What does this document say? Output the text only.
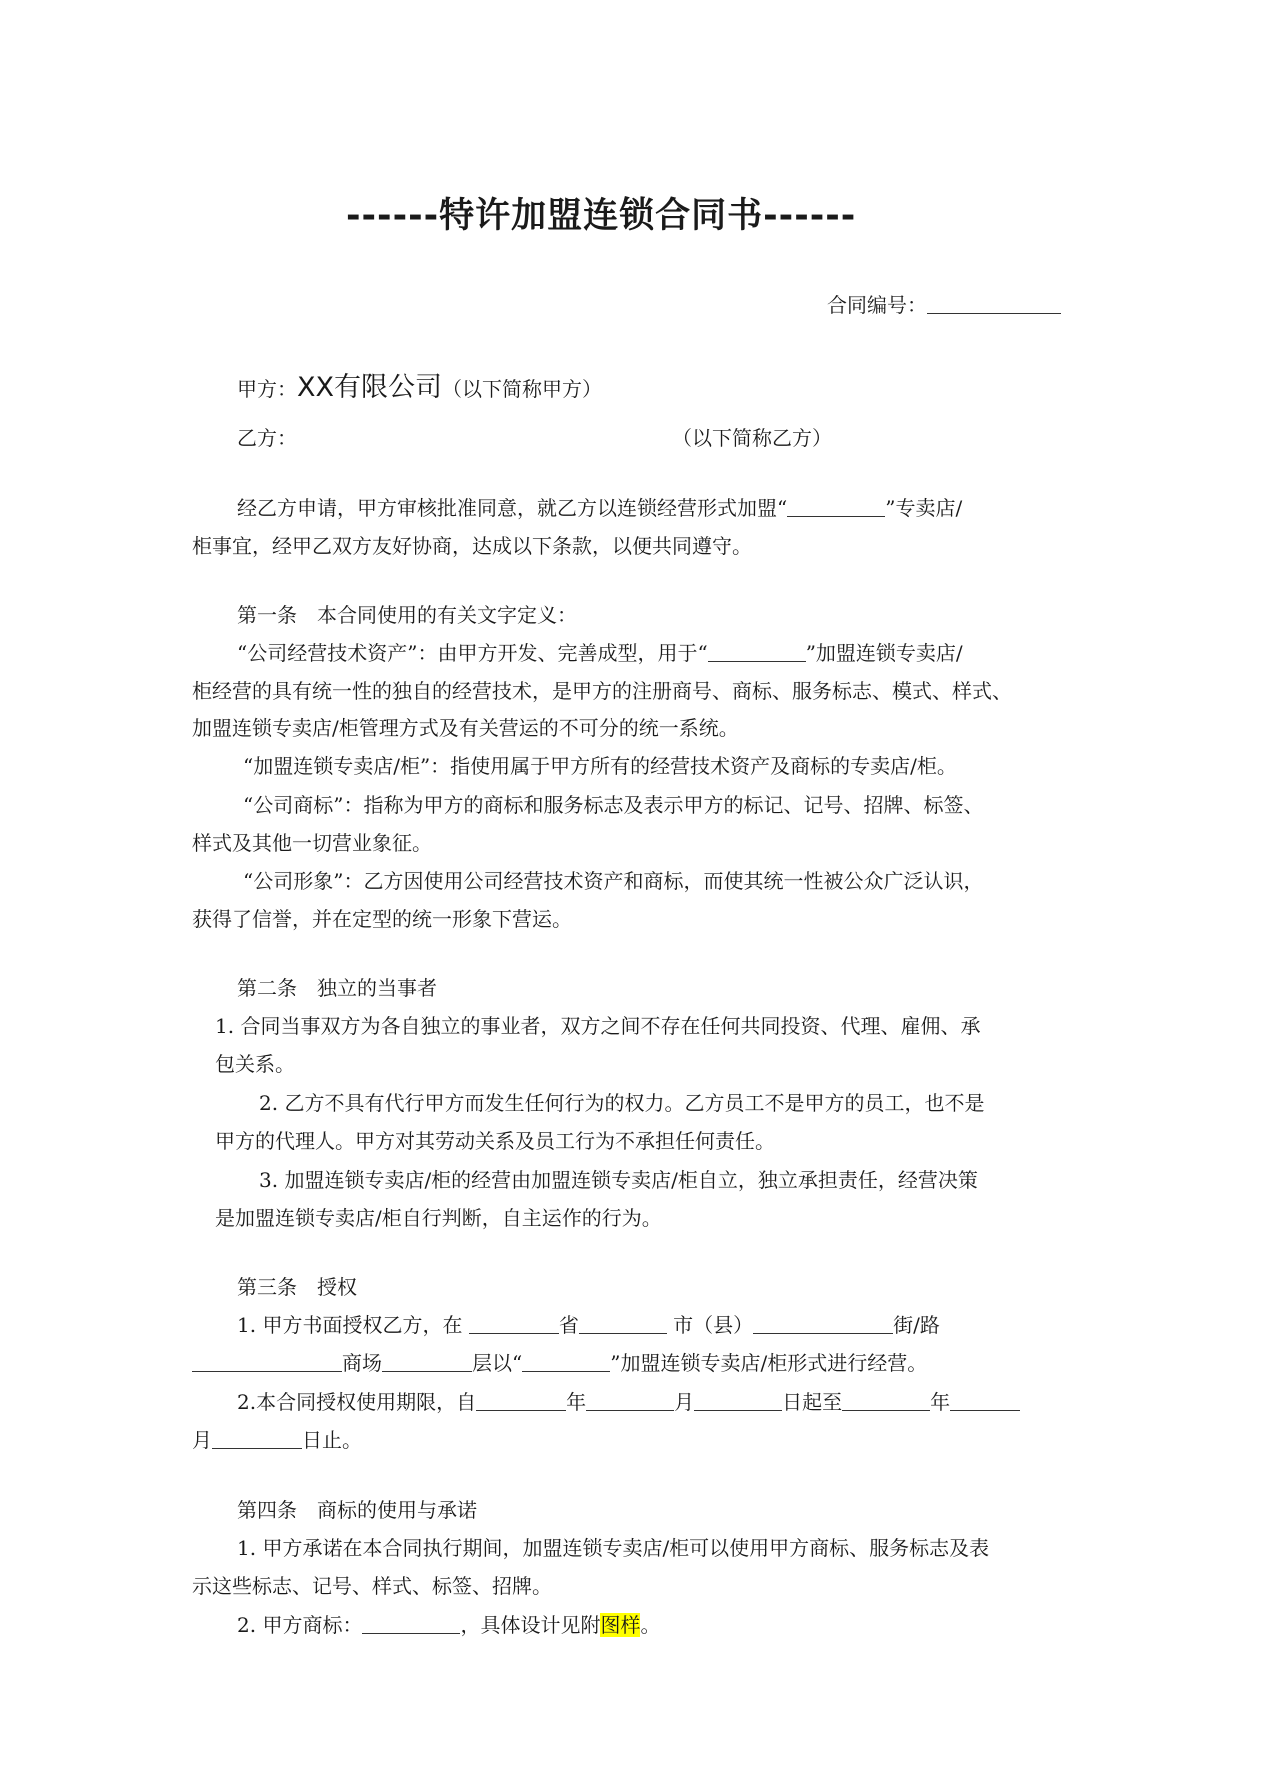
------特许加盟连锁合同书------
合同编号：
甲方：XX有限公司（以下简称甲方）
乙方：	（以下简称乙方）
经乙方申请，甲方审核批准同意，就乙方以连锁经营形式加盟“	”专卖店/
柜事宜，经甲乙双方友好协商，达成以下条款，以便共同遵守。
第一条　本合同使用的有关文字定义：
“公司经营技术资产”：由甲方开发、完善成型，用于“	”加盟连锁专卖店/
柜经营的具有统一性的独自的经营技术，是甲方的注册商号、商标、服务标志、模式、样式、
加盟连锁专卖店/柜管理方式及有关营运的不可分的统一系统。
“加盟连锁专卖店/柜”：指使用属于甲方所有的经营技术资产及商标的专卖店/柜。
“公司商标”：指称为甲方的商标和服务标志及表示甲方的标记、记号、招牌、标签、
样式及其他一切营业象征。
“公司形象”：乙方因使用公司经营技术资产和商标，而使其统一性被公众广泛认识，
获得了信誉，并在定型的统一形象下营运。
第二条　独立的当事者
1. 合同当事双方为各自独立的事业者，双方之间不存在任何共同投资、代理、雇佣、承
包关系。
2. 乙方不具有代行甲方而发生任何行为的权力。乙方员工不是甲方的员工，也不是
甲方的代理人。甲方对其劳动关系及员工行为不承担任何责任。
3. 加盟连锁专卖店/柜的经营由加盟连锁专卖店/柜自立，独立承担责任，经营决策
是加盟连锁专卖店/柜自行判断，自主运作的行为。
第三条　授权
1. 甲方书面授权乙方，在	省	市（县）	街/路
商场	层以“	”加盟连锁专卖店/柜形式进行经营。
2.本合同授权使用期限，自	年	月	日起至	年
月	日止。
第四条　商标的使用与承诺
1. 甲方承诺在本合同执行期间，加盟连锁专卖店/柜可以使用甲方商标、服务标志及表
示这些标志、记号、样式、标签、招牌。
2. 甲方商标：	，具体设计见附图样。
